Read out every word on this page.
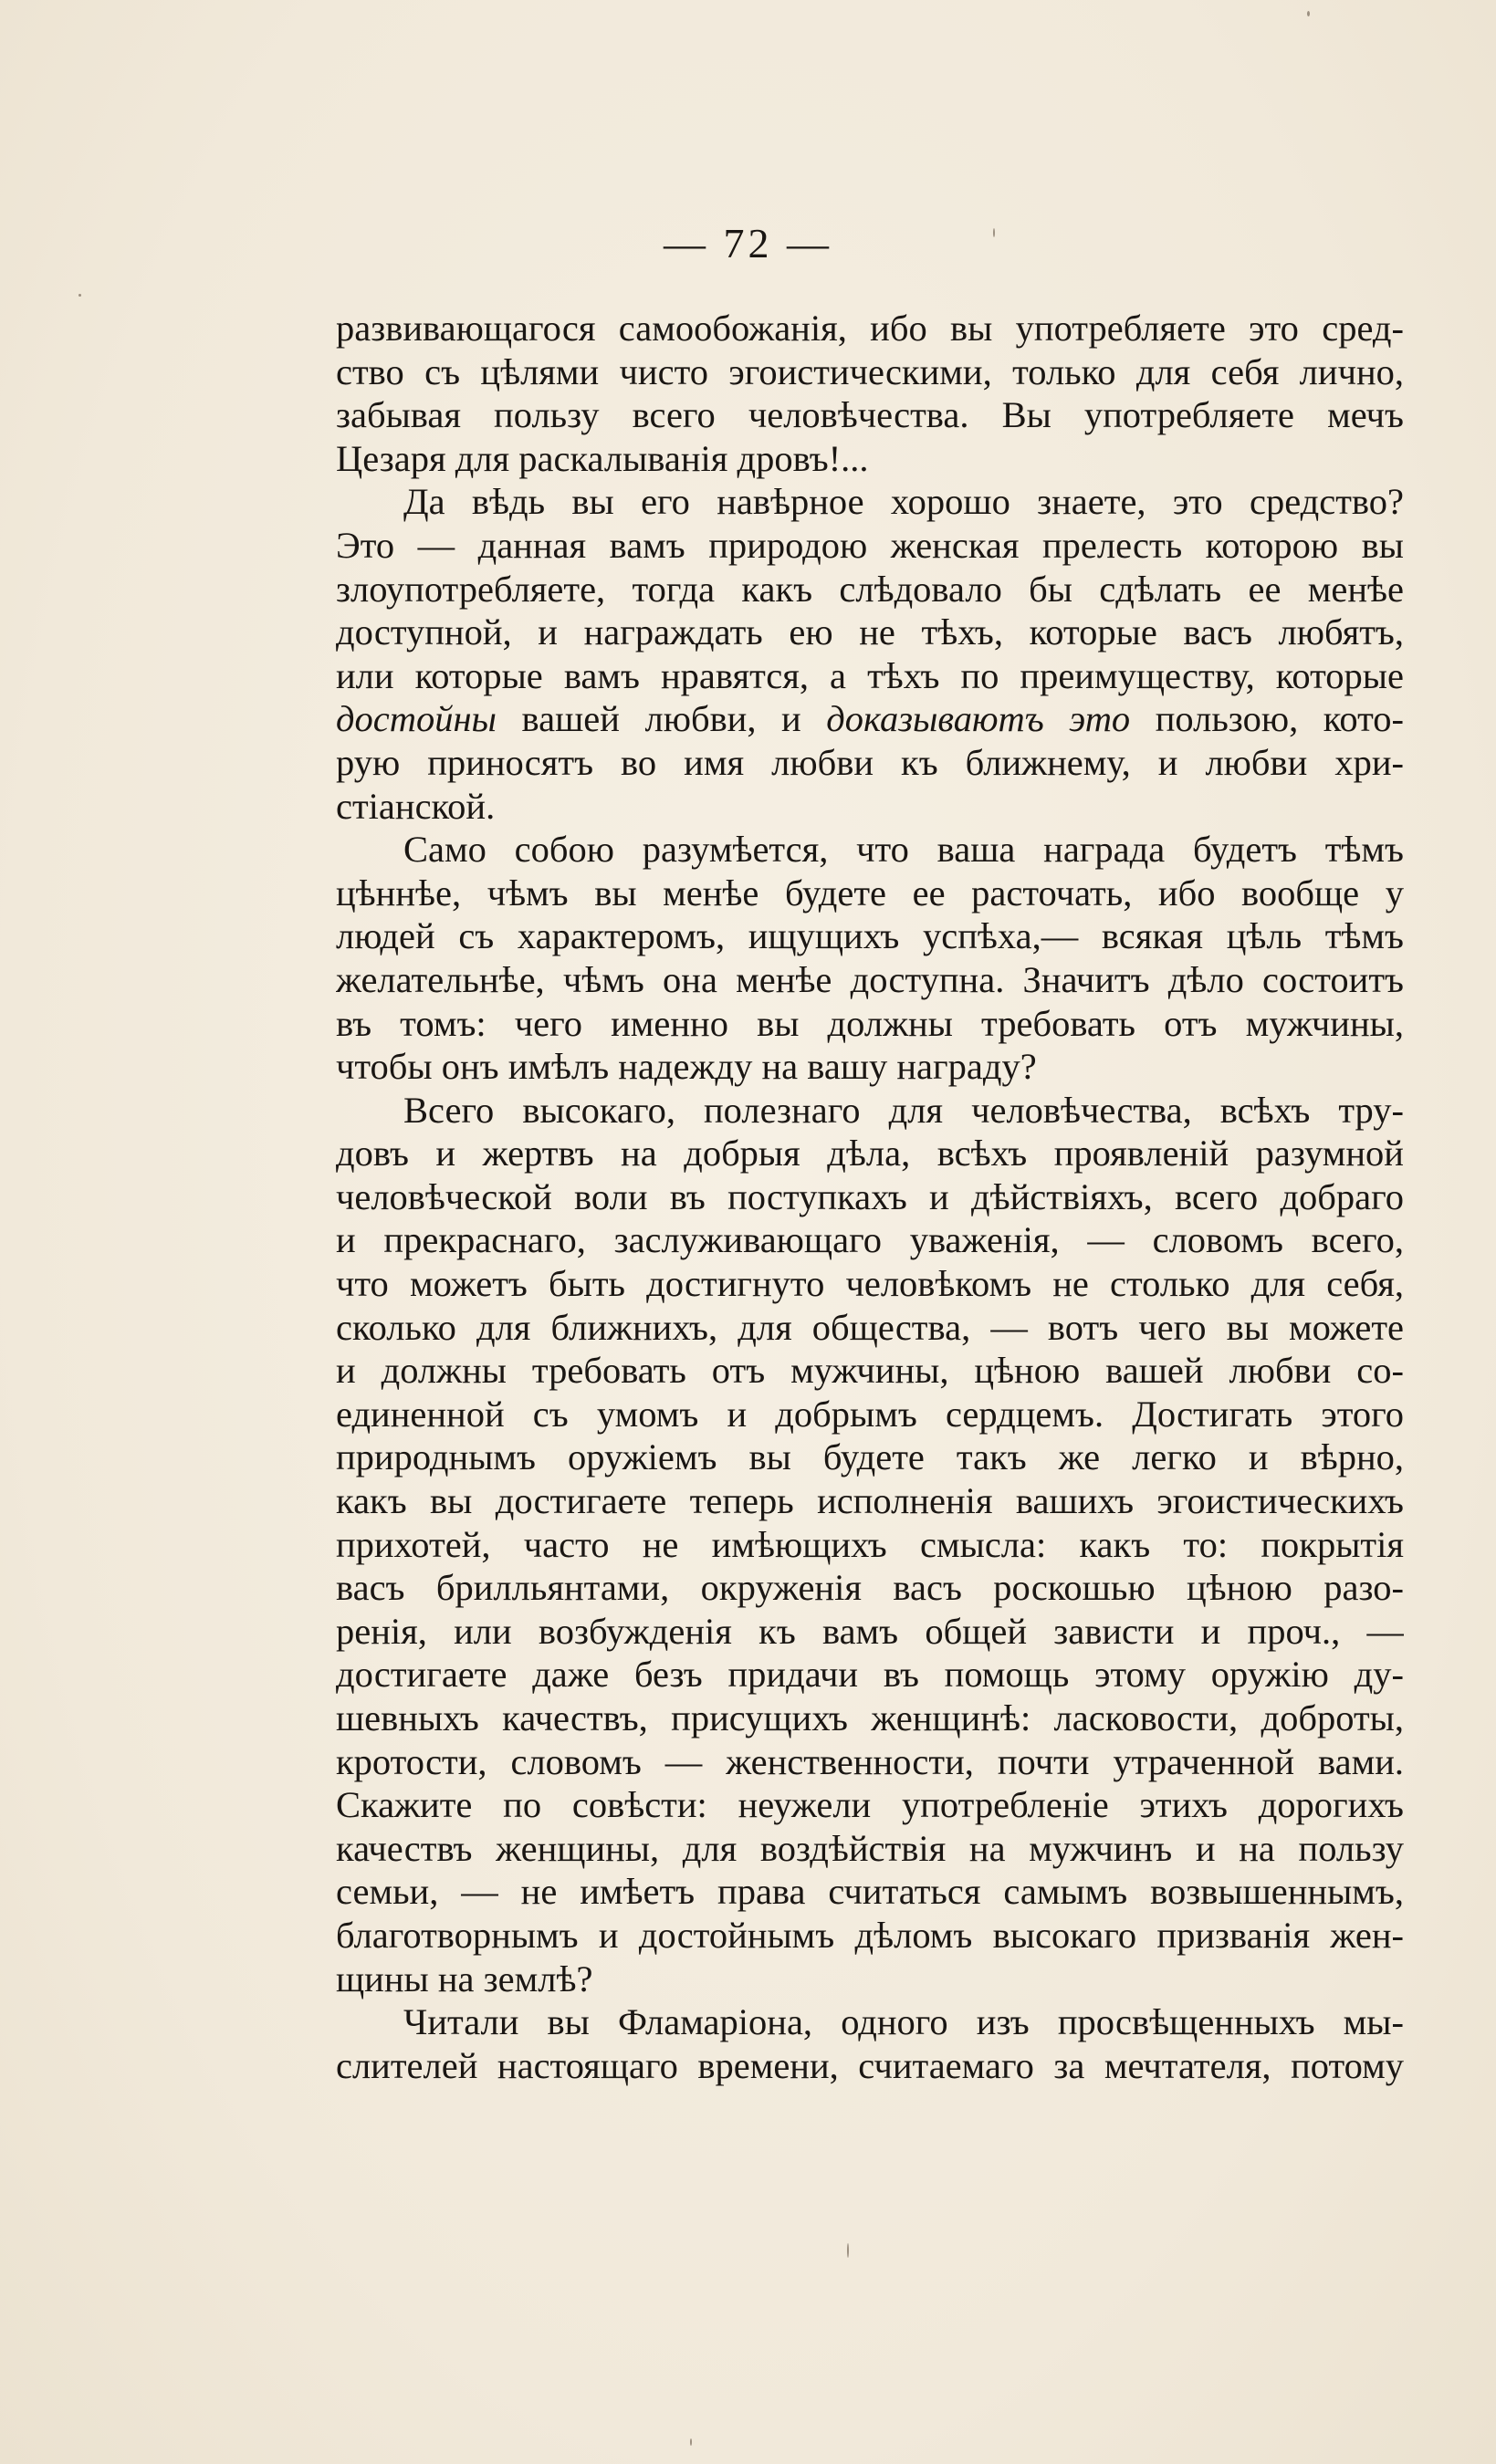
— 72 —
развивающагося самообожанія, ибо вы употребляете это сред-
ство съ цѣлями чисто эгоистическими, только для себя лично,
забывая пользу всего человѣчества. Вы употребляете мечъ
Цезаря для раскалыванія дровъ!...
Да вѣдь вы его навѣрное хорошо знаете, это средство?
Это — данная вамъ природою женская прелесть которою вы
злоупотребляете, тогда какъ слѣдовало бы сдѣлать ее менѣе
доступной, и награждать ею не тѣхъ, которые васъ любятъ,
или которые вамъ нравятся, а тѣхъ по преимуществу, которые
достойны вашей любви, и доказываютъ это пользою, кото-
рую приносятъ во имя любви къ ближнему, и любви хри-
стіанской.
Само собою разумѣется, что ваша награда будетъ тѣмъ
цѣннѣе, чѣмъ вы менѣе будете ее расточать, ибо вообще у
людей съ характеромъ, ищущихъ успѣха,— всякая цѣль тѣмъ
желательнѣе, чѣмъ она менѣе доступна. Значитъ дѣло состоитъ
въ томъ: чего именно вы должны требовать отъ мужчины,
чтобы онъ имѣлъ надежду на вашу награду?
Всего высокаго, полезнаго для человѣчества, всѣхъ тру-
довъ и жертвъ на добрыя дѣла, всѣхъ проявленій разумной
человѣческой воли въ поступкахъ и дѣйствіяхъ, всего добраго
и прекраснаго, заслуживающаго уваженія, — словомъ всего,
что можетъ быть достигнуто человѣкомъ не столько для себя,
сколько для ближнихъ, для общества, — вотъ чего вы можете
и должны требовать отъ мужчины, цѣною вашей любви со-
единенной съ умомъ и добрымъ сердцемъ. Достигать этого
природнымъ оружіемъ вы будете такъ же легко и вѣрно,
какъ вы достигаете теперь исполненія вашихъ эгоистическихъ
прихотей, часто не имѣющихъ смысла: какъ то: покрытія
васъ брилльянтами, окруженія васъ роскошью цѣною разо-
ренія, или возбужденія къ вамъ общей зависти и проч., —
достигаете даже безъ придачи въ помощь этому оружію ду-
шевныхъ качествъ, присущихъ женщинѣ: ласковости, доброты,
кротости, словомъ — женственности, почти утраченной вами.
Скажите по совѣсти: неужели употребленіе этихъ дорогихъ
качествъ женщины, для воздѣйствія на мужчинъ и на пользу
семьи, — не имѣетъ права считаться самымъ возвышеннымъ,
благотворнымъ и достойнымъ дѣломъ высокаго призванія жен-
щины на землѣ?
Читали вы Фламаріона, одного изъ просвѣщенныхъ мы-
слителей настоящаго времени, считаемаго за мечтателя, потому
